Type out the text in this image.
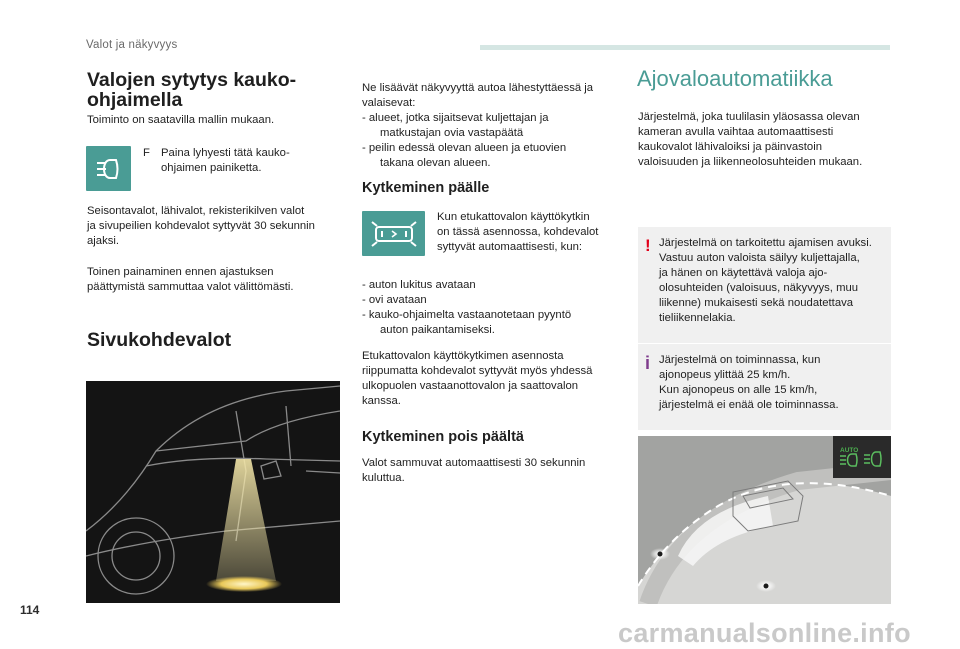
Valot ja näkyvyys
Valojen sytytys kauko-
ohjaimella
Toiminto on saatavilla mallin mukaan.
F Paina lyhyesti tätä kauko-
ohjaimen painiketta.
Seisontavalot, lähivalot, rekisterikilven valot
ja sivupeilien kohdevalot syttyvät 30 sekunnin
ajaksi.
Toinen painaminen ennen ajastuksen
päättymistä sammuttaa valot välittömästi.
Sivukohdevalot
Ne lisäävät näkyvyyttä autoa lähestyttäessä ja
valaisevat:
- alueet, jotka sijaitsevat kuljettajan ja
matkustajan ovia vastapäätä
- peilin edessä olevan alueen ja etuovien
takana olevan alueen.
Kytkeminen päälle
Kun etukattovalon käyttökytkin
on tässä asennossa, kohdevalot
syttyvät automaattisesti, kun:
- auton lukitus avataan
- ovi avataan
- kauko-ohjaimelta vastaanotetaan pyyntö
auton paikantamiseksi.
Etukattovalon käyttökytkimen asennosta
riippumatta kohdevalot syttyvät myös yhdessä
ulkopuolen vastaanottovalon ja saattovalon
kanssa.
Kytkeminen pois päältä
Valot sammuvat automaattisesti 30 sekunnin
kuluttua.
Ajovaloautomatiikka
Järjestelmä, joka tuulilasin yläosassa olevan
kameran avulla vaihtaa automaattisesti
kaukovalot lähivaloiksi ja päinvastoin
valoisuuden ja liikenneolosuhteiden mukaan.
! Järjestelmä on tarkoitettu ajamisen avuksi.
Vastuu auton valoista säilyy kuljettajalla,
ja hänen on käytettävä valoja ajo-
olosuhteiden (valoisuus, näkyvyys, muu
liikenne) mukaisesti sekä noudatettava
tieliikennelakia.
i Järjestelmä on toiminnassa, kun
ajonopeus ylittää 25 km/h.
Kun ajonopeus on alle 15 km/h,
järjestelmä ei enää ole toiminnassa.
AUTO
114
carmanualsonline.info
